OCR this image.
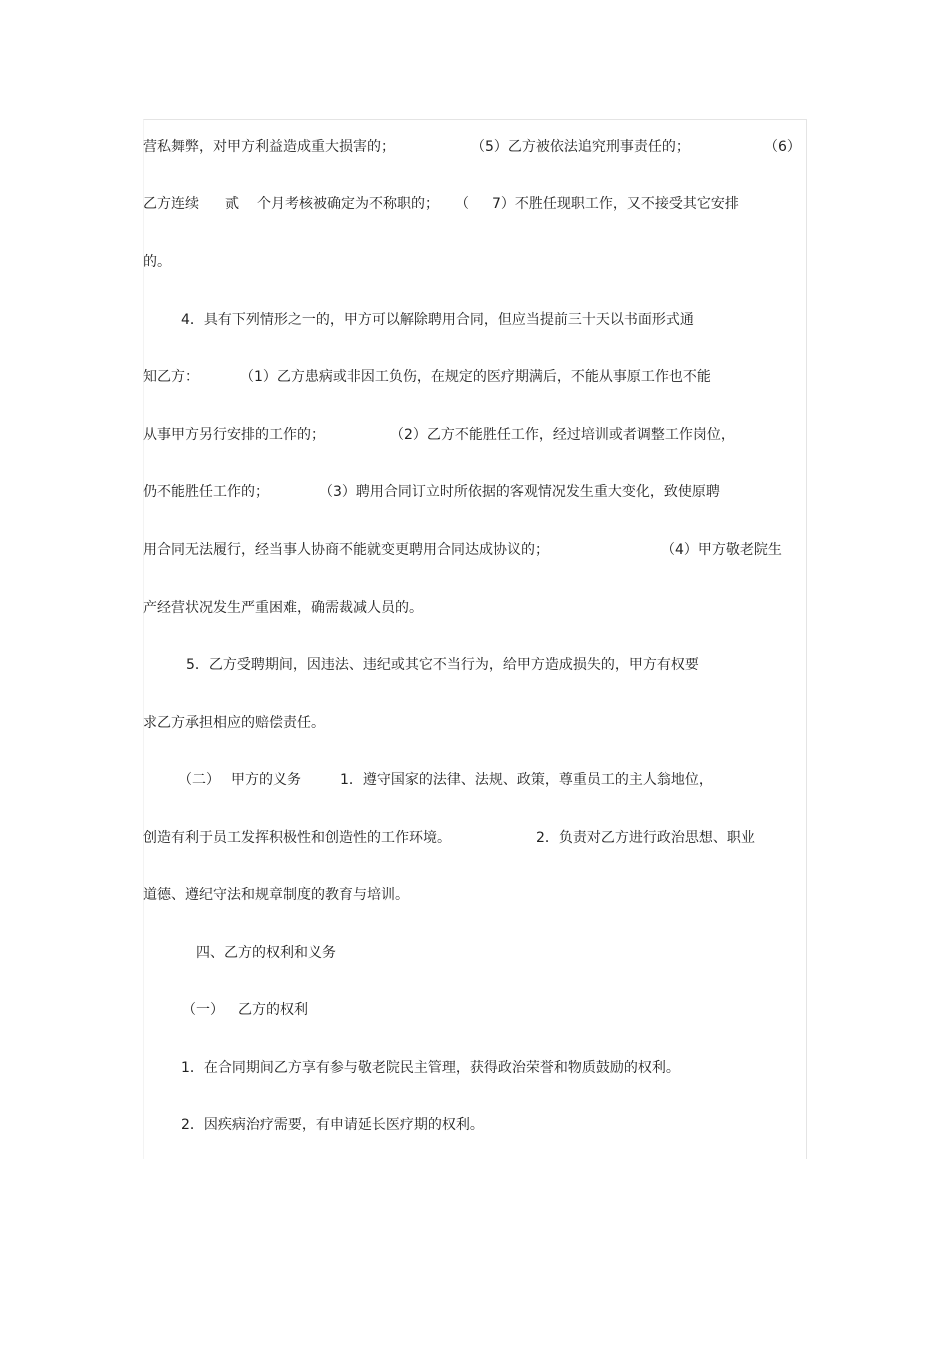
营私舞弊，对甲方利益造成重大损害的；	（5）乙方被依法追究刑事责任的；	（6）
乙方连续 贰 个月考核被确定为不称职的； （ 7）不胜任现职工作，又不接受其它安排
的。
4．具有下列情形之一的，甲方可以解除聘用合同，但应当提前三十天以书面形式通
知乙方：	（1）乙方患病或非因工负伤，在规定的医疗期满后，不能从事原工作也不能
从事甲方另行安排的工作的；	（2）乙方不能胜任工作，经过培训或者调整工作岗位，
仍不能胜任工作的；	（3）聘用合同订立时所依据的客观情况发生重大变化，致使原聘
用合同无法履行，经当事人协商不能就变更聘用合同达成协议的；	（4）甲方敬老院生
产经营状况发生严重困难，确需裁减人员的。
5．乙方受聘期间，因违法、违纪或其它不当行为，给甲方造成损失的，甲方有权要
求乙方承担相应的赔偿责任。
（二） 甲方的义务	1．遵守国家的法律、法规、政策，尊重员工的主人翁地位，
创造有利于员工发挥积极性和创造性的工作环境。	2．负责对乙方进行政治思想、职业
道德、遵纪守法和规章制度的教育与培训。
四、乙方的权利和义务
（一） 乙方的权利
1．在合同期间乙方享有参与敬老院民主管理，获得政治荣誉和物质鼓励的权利。
2．因疾病治疗需要，有申请延长医疗期的权利。
